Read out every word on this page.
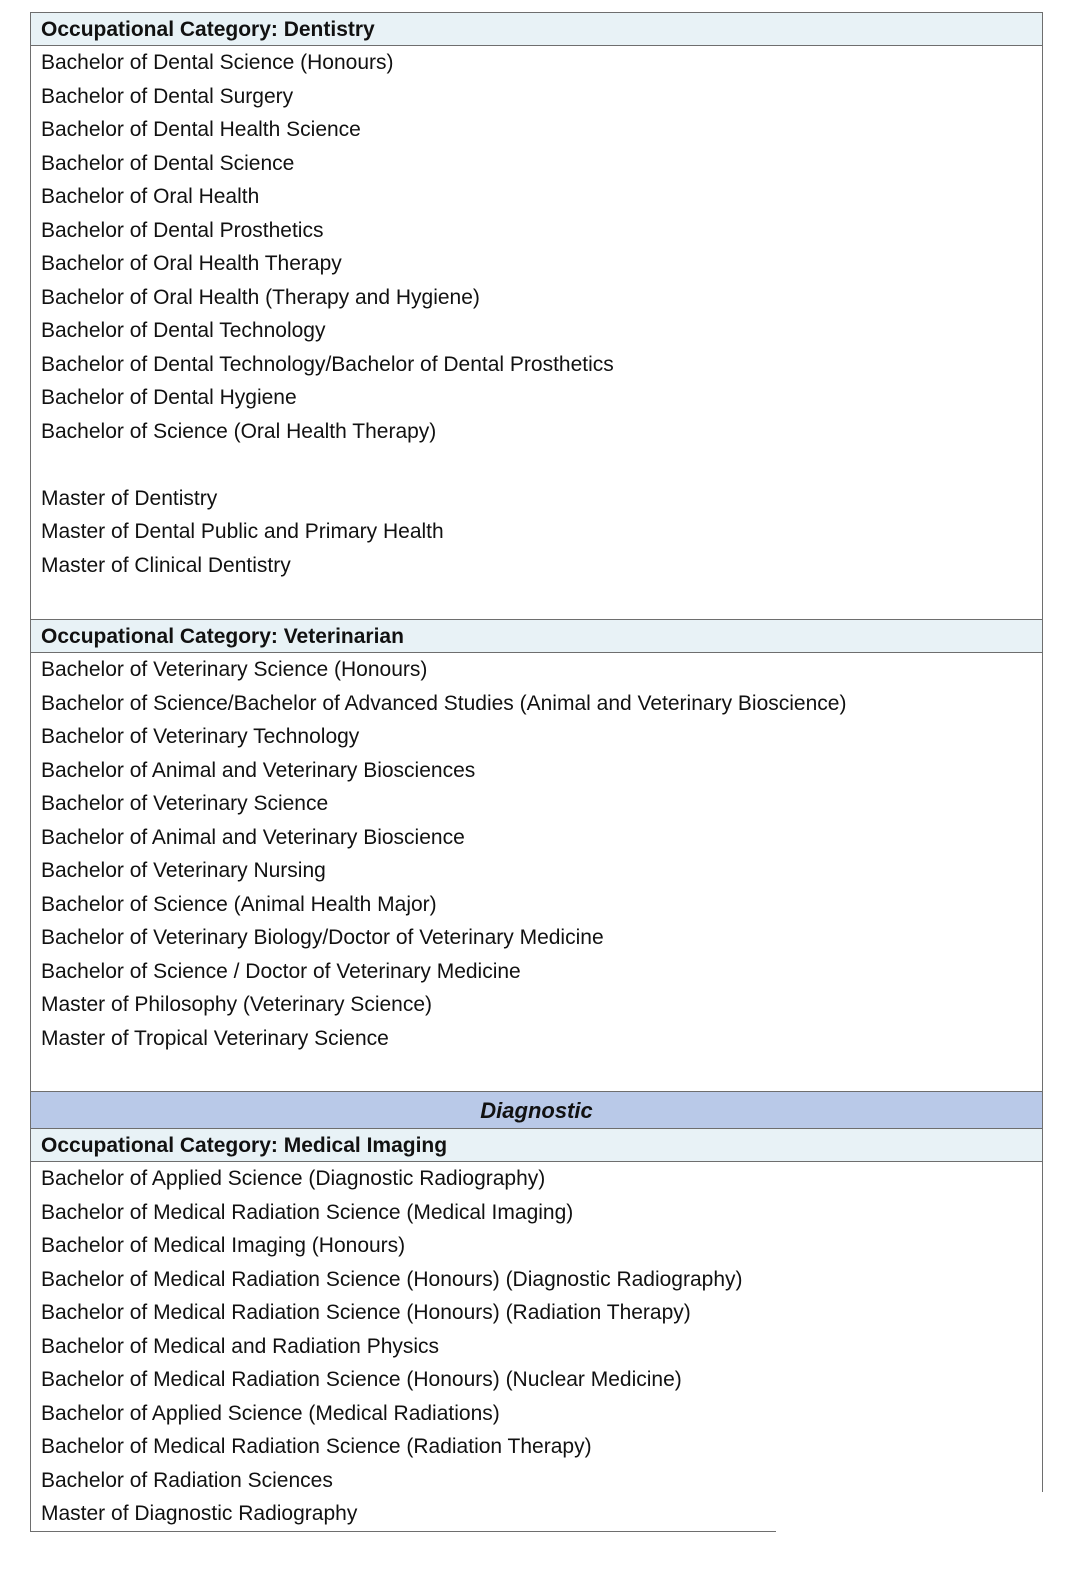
Occupational Category: Dentistry
Bachelor of Dental Science (Honours)
Bachelor of Dental Surgery
Bachelor of Dental Health Science
Bachelor of Dental Science
Bachelor of Oral Health
Bachelor of Dental Prosthetics
Bachelor of Oral Health Therapy
Bachelor of Oral Health (Therapy and Hygiene)
Bachelor of Dental Technology
Bachelor of Dental Technology/Bachelor of Dental Prosthetics
Bachelor of Dental Hygiene
Bachelor of Science (Oral Health Therapy)
Master of Dentistry
Master of Dental Public and Primary Health
Master of Clinical Dentistry
Occupational Category: Veterinarian
Bachelor of Veterinary Science (Honours)
Bachelor of Science/Bachelor of Advanced Studies (Animal and Veterinary Bioscience)
Bachelor of Veterinary Technology
Bachelor of Animal and Veterinary Biosciences
Bachelor of Veterinary Science
Bachelor of Animal and Veterinary Bioscience
Bachelor of Veterinary Nursing
Bachelor of Science (Animal Health Major)
Bachelor of Veterinary Biology/Doctor of Veterinary Medicine
Bachelor of Science / Doctor of Veterinary Medicine
Master of Philosophy (Veterinary Science)
Master of Tropical Veterinary Science
Diagnostic
Occupational Category: Medical Imaging
Bachelor of Applied Science (Diagnostic Radiography)
Bachelor of Medical Radiation Science (Medical Imaging)
Bachelor of Medical Imaging (Honours)
Bachelor of Medical Radiation Science (Honours) (Diagnostic Radiography)
Bachelor of Medical Radiation Science (Honours) (Radiation Therapy)
Bachelor of Medical and Radiation Physics
Bachelor of Medical Radiation Science (Honours) (Nuclear Medicine)
Bachelor of Applied Science (Medical Radiations)
Bachelor of Medical Radiation Science (Radiation Therapy)
Bachelor of Radiation Sciences
Master of Diagnostic Radiography
